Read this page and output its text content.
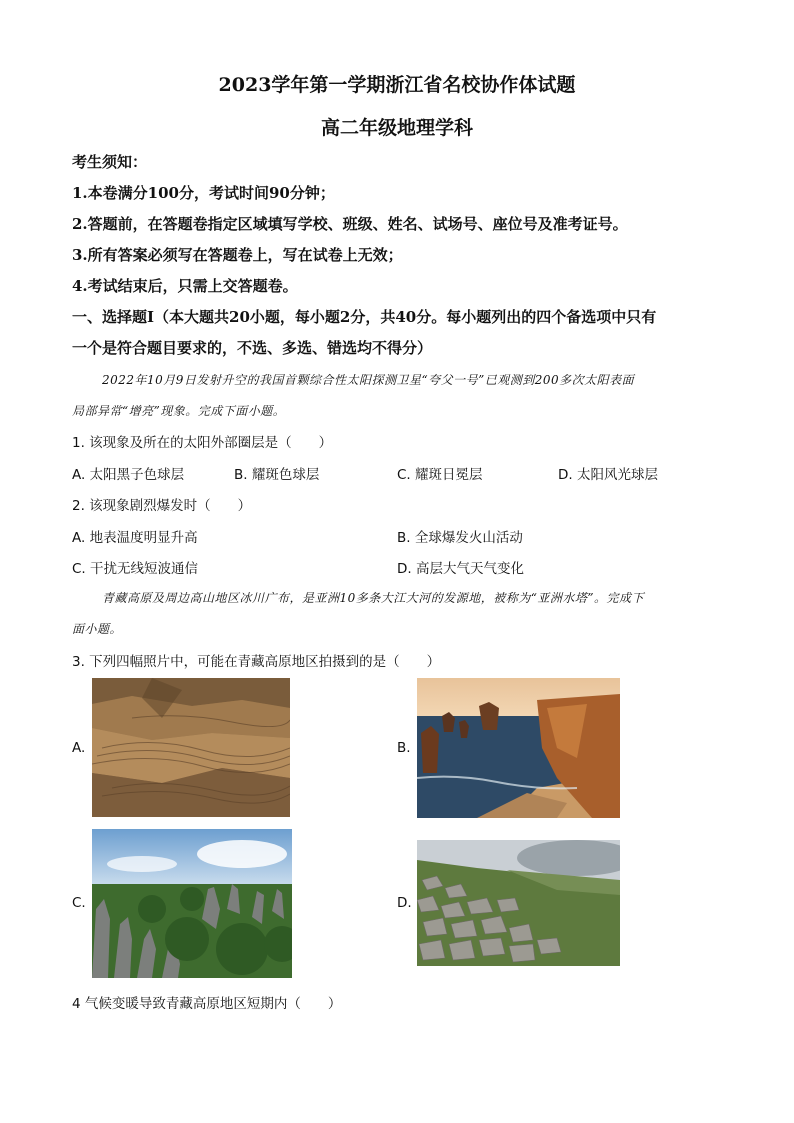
2023学年第一学期浙江省名校协作体试题
高二年级地理学科
考生须知：
1.本卷满分100分，考试时间90分钟；
2.答题前，在答题卷指定区域填写学校、班级、姓名、试场号、座位号及准考证号。
3.所有答案必须写在答题卷上，写在试卷上无效；
4.考试结束后，只需上交答题卷。
一、选择题Ⅰ（本大题共20小题，每小题2分，共40分。每小题列出的四个备选项中只有
一个是符合题目要求的，不选、多选、错选均不得分）
2022年10月9日发射升空的我国首颗综合性太阳探测卫星“夸父一号”已观测到200多次太阳表面
局部异常“增亮”现象。完成下面小题。
1. 该现象及所在的太阳外部圈层是（　　）
A. 太阳黑子色球层	B. 耀斑色球层	C. 耀斑日冕层	D. 太阳风光球层
2. 该现象剧烈爆发时（　　）
A. 地表温度明显升高	B. 全球爆发火山活动
C. 干扰无线短波通信	D. 高层大气天气变化
青藏高原及周边高山地区冰川广布，是亚洲10多条大江大河的发源地，被称为“亚洲水塔”。完成下
面小题。
3. 下列四幅照片中，可能在青藏高原地区拍摄到的是（　　）
A.	B.
C.	D.
4 气候变暖导致青藏高原地区短期内（　　）
